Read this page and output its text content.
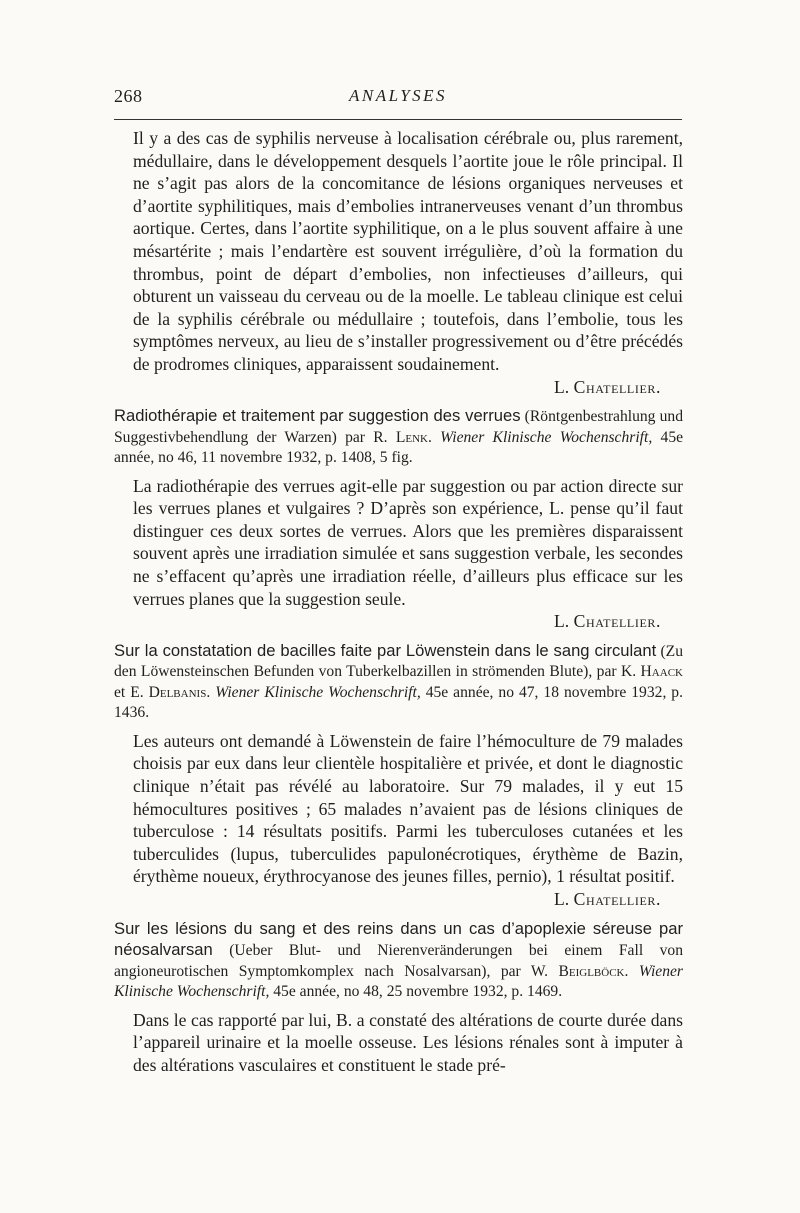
268	ANALYSES

Il y a des cas de syphilis nerveuse à localisation cérébrale ou, plus rarement, médullaire, dans le développement desquels l’aortite joue le rôle principal. Il ne s’agit pas alors de la concomitance de lésions organiques nerveuses et d’aortite syphilitiques, mais d’embolies intranerveuses venant d’un thrombus aortique. Certes, dans l’aortite syphilitique, on a le plus souvent affaire à une mésartérite ; mais l’endartère est souvent irrégulière, d’où la formation du thrombus, point de départ d’embolies, non infectieuses d’ailleurs, qui obturent un vaisseau du cerveau ou de la moelle. Le tableau clinique est celui de la syphilis cérébrale ou médullaire ; toutefois, dans l’embolie, tous les symptômes nerveux, au lieu de s’installer progressivement ou d’être précédés de prodromes cliniques, apparaissent soudainement.

L. Chatellier.

Radiothérapie et traitement par suggestion des verrues (Röntgenbestrahlung und Suggestivbehendlung der Warzen) par R. Lenk. Wiener Klinische Wochenschrift, 45e année, no 46, 11 novembre 1932, p. 1408, 5 fig.

La radiothérapie des verrues agit-elle par suggestion ou par action directe sur les verrues planes et vulgaires ? D’après son expérience, L. pense qu’il faut distinguer ces deux sortes de verrues. Alors que les premières disparaissent souvent après une irradiation simulée et sans suggestion verbale, les secondes ne s’effacent qu’après une irradiation réelle, d’ailleurs plus efficace sur les verrues planes que la suggestion seule.

L. Chatellier.

Sur la constatation de bacilles faite par Löwenstein dans le sang circulant (Zu den Löwensteinschen Befunden von Tuberkelbazillen in strömenden Blute), par K. Haack et E. Delbanis. Wiener Klinische Wochenschrift, 45e année, no 47, 18 novembre 1932, p. 1436.

Les auteurs ont demandé à Löwenstein de faire l’hémoculture de 79 malades choisis par eux dans leur clientèle hospitalière et privée, et dont le diagnostic clinique n’était pas révélé au laboratoire. Sur 79 malades, il y eut 15 hémocultures positives ; 65 malades n’avaient pas de lésions cliniques de tuberculose : 14 résultats positifs. Parmi les tuberculoses cutanées et les tuberculides (lupus, tuberculides papulonécrotiques, érythème de Bazin, érythème noueux, érythrocyanose des jeunes filles, pernio), 1 résultat positif.

L. Chatellier.

Sur les lésions du sang et des reins dans un cas d’apoplexie séreuse par néosalvarsan (Ueber Blut- und Nierenveränderungen bei einem Fall von angioneurotischen Symptomkomplex nach Nosalvarsan), par W. Beiglböck. Wiener Klinische Wochenschrift, 45e année, no 48, 25 novembre 1932, p. 1469.

Dans le cas rapporté par lui, B. a constaté des altérations de courte durée dans l’appareil urinaire et la moelle osseuse. Les lésions rénales sont à imputer à des altérations vasculaires et constituent le stade pré-
